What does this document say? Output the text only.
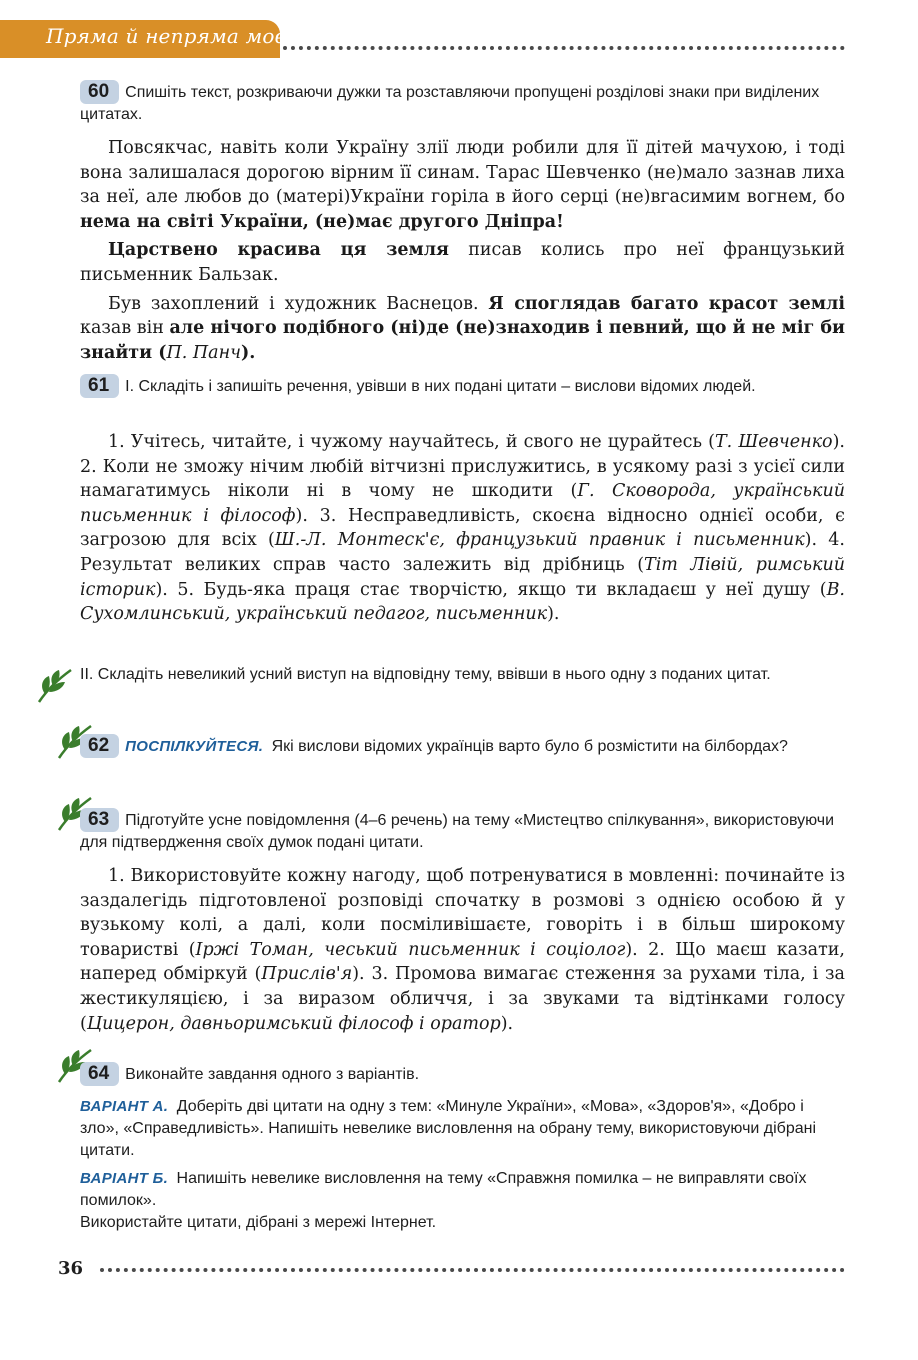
Пряма й непряма мова
60 Спишіть текст, розкриваючи дужки та розставляючи пропущені розділові знаки при виділених цитатах.

Повсякчас, навіть коли Україну злії люди робили для її дітей мачухою, і тоді вона залишалася дорогою вірним її синам. Тарас Шевченко (не)мало зазнав лиха за неї, але любов до (матері)України горіла в його серці (не)вгасимим вогнем, бо нема на світі України, (не)має другого Дніпра!

Царствено красива ця земля писав колись про неї французький письменник Бальзак.

Був захоплений і художник Васнецов. Я споглядав багато красот землі казав він але нічого подібного (ні)де (не)знаходив і певний, що й не міг би знайти (П. Панч).

61 І. Складіть і запишіть речення, увівши в них подані цитати – вислови відомих людей.

1. Учітесь, читайте, і чужому научайтесь, й свого не цурайтесь (Т. Шевченко). 2. Коли не зможу нічим любій вітчизні прислужитись, в усякому разі з усієї сили намагатимусь ніколи ні в чому не шкодити (Г. Сковорода, український письменник і філософ). 3. Несправедливість, скоєна відносно однієї особи, є загрозою для всіх (Ш.-Л. Монтеск'є, французький правник і письменник). 4. Результат великих справ часто залежить від дрібниць (Тіт Лівій, римський історик). 5. Будь-яка праця стає творчістю, якщо ти вкладаєш у неї душу (В. Сухомлинський, український педагог, письменник).

ІІ. Складіть невеликий усний виступ на відповідну тему, ввівши в нього одну з поданих цитат.
62 ПОСПІЛКУЙТЕСЯ. Які вислови відомих українців варто було б розмістити на білбордах?
63 Підготуйте усне повідомлення (4–6 речень) на тему «Мистецтво спілкування», використовуючи для підтвердження своїх думок подані цитати.

1. Використовуйте кожну нагоду, щоб потренуватися в мовленні: починайте із заздалегідь підготовленої розповіді спочатку в розмові з однією особою й у вузькому колі, а далі, коли посміливішаєте, говоріть і в більш широкому товаристві (Іржі Томан, чеський письменник і соціолог). 2. Що маєш казати, наперед обміркуй (Прислів'я). 3. Промова вимагає стеження за рухами тіла, і за жестикуляцією, і за виразом обличчя, і за звуками та відтінками голосу (Цицерон, давньоримський філософ і оратор).

64 Виконайте завдання одного з варіантів.
ВАРІАНТ А. Доберіть дві цитати на одну з тем: «Минуле України», «Мова», «Здоров'я», «Добро і зло», «Справедливість». Напишіть невелике висловлення на обрану тему, використовуючи дібрані цитати.
ВАРІАНТ Б. Напишіть невелике висловлення на тему «Справжня помилка – не виправляти своїх помилок».
Використайте цитати, дібрані з мережі Інтернет.
36
